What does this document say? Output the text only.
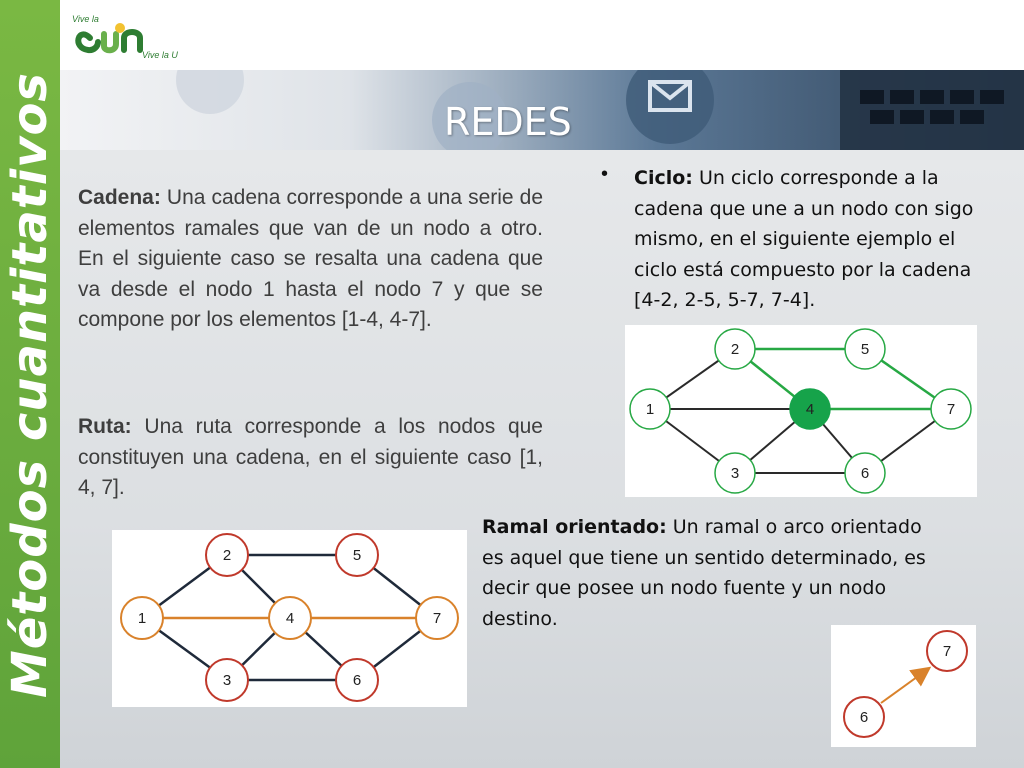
Vive la
Vive la U
REDES
Métodos cuantitativos Cadena: Una cadena corresponde a una serie de elementos ramales que van de un nodo a otro. En el siguiente caso se resalta una cadena que va desde el nodo 1 hasta el nodo 7 y que se compone por los elementos [1-4, 4-7].
Ruta: Una ruta corresponde a los nodos que constituyen una cadena, en el siguiente caso [1, 4, 7].
• Ciclo: Un ciclo corresponde a la cadena que une a un nodo con sigo mismo, en el siguiente ejemplo el ciclo está compuesto por la cadena [4-2, 2-5, 5-7, 7-4].
1
2
3
4
5
6
7
1
2
3
4
5
6
7
Ramal orientado: Un ramal o arco orientado es aquel que tiene un sentido determinado, es decir que posee un nodo fuente y un nodo destino.
6
7
